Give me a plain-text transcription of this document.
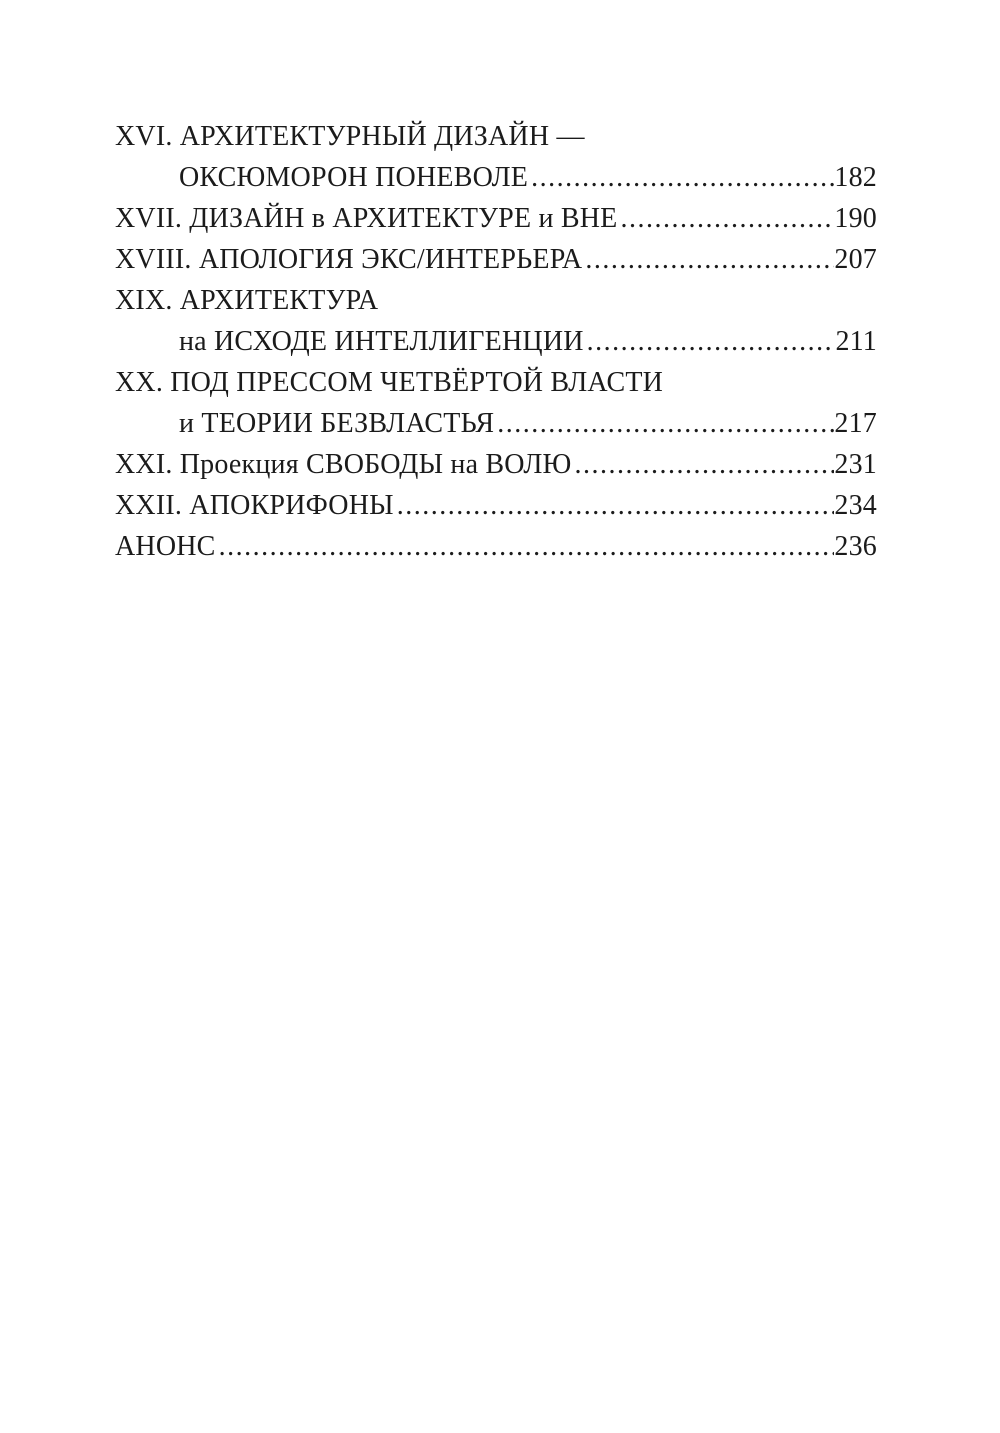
XVI. АРХИТЕКТУРНЫЙ ДИЗАЙН —
ОКСЮМОРОН ПОНЕВОЛЕ .....	182
XVII. ДИЗАЙН в АРХИТЕКТУРЕ и ВНЕ .....	190
XVIII. АПОЛОГИЯ ЭКС/ИНТЕРЬЕРА .....	207
XIX. АРХИТЕКТУРА
на ИСХОДЕ ИНТЕЛЛИГЕНЦИИ .....	211
XX. ПОД ПРЕССОМ ЧЕТВЁРТОЙ ВЛАСТИ
и ТЕОРИИ БЕЗВЛАСТЬЯ .....	217
XXI. Проекция СВОБОДЫ на ВОЛЮ .....	231
XXII. АПОКРИФОНЫ .....	234
АНОНС .....	236
